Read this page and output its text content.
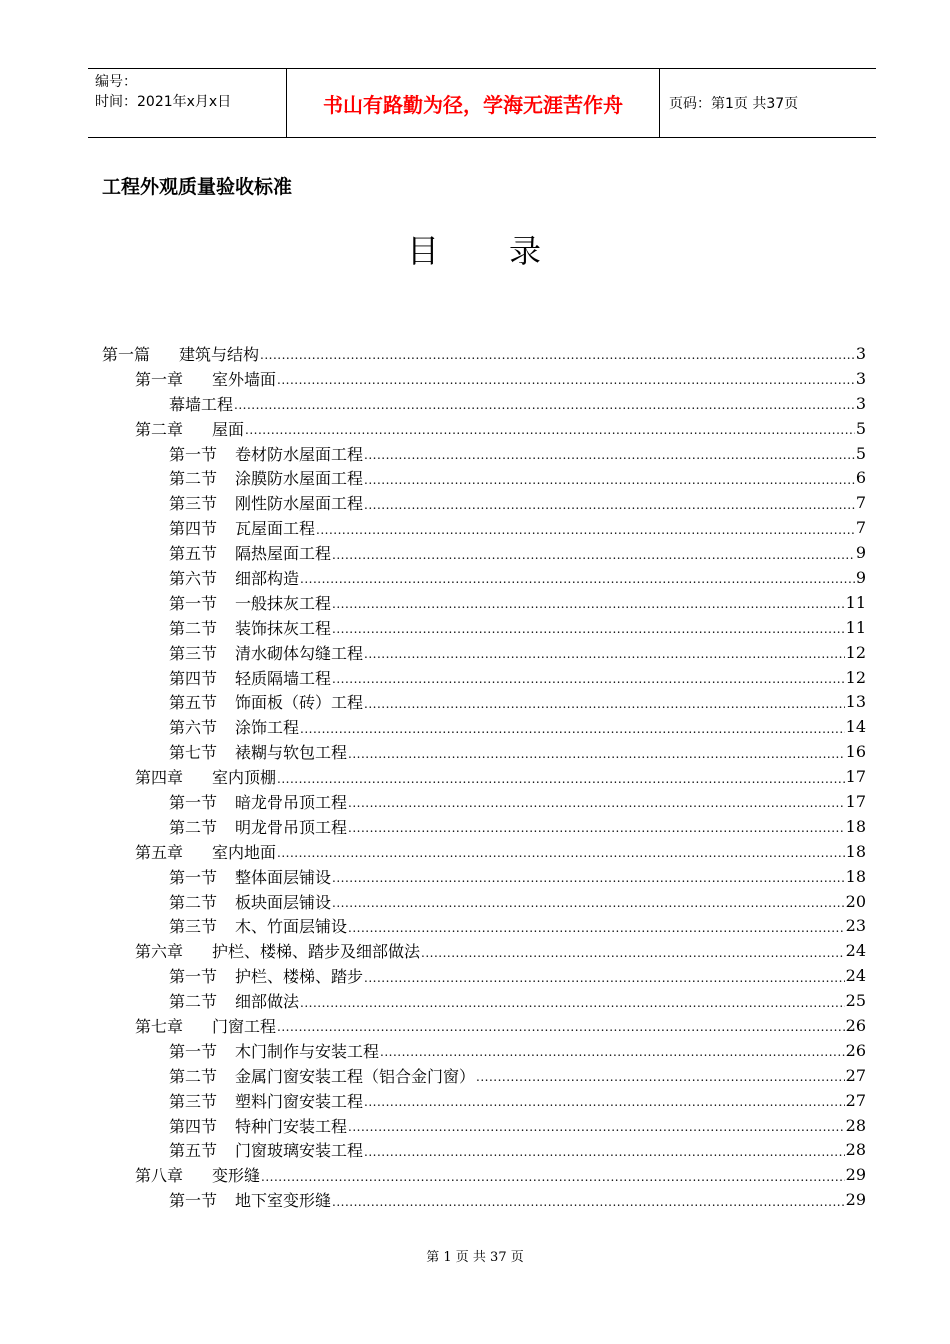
编号：
时间：2021年x月x日	书山有路勤为径，学海无涯苦作舟	页码：第1页 共37页
工程外观质量验收标准
目　　录
第一篇 建筑与结构 .....	3
第一章 室外墙面 .....	3
幕墙工程 .....	3
第二章 屋面 .....	5
第一节 卷材防水屋面工程 .....	5
第二节 涂膜防水屋面工程 .....	6
第三节 刚性防水屋面工程 .....	7
第四节 瓦屋面工程 .....	7
第五节 隔热屋面工程 .....	9
第六节 细部构造 .....	9
第一节 一般抹灰工程 .....	11
第二节 装饰抹灰工程 .....	11
第三节 清水砌体勾缝工程 .....	12
第四节 轻质隔墙工程 .....	12
第五节 饰面板（砖）工程 .....	13
第六节 涂饰工程 .....	14
第七节 裱糊与软包工程 .....	16
第四章 室内顶棚 .....	17
第一节 暗龙骨吊顶工程 .....	17
第二节 明龙骨吊顶工程 .....	18
第五章 室内地面 .....	18
第一节 整体面层铺设 .....	18
第二节 板块面层铺设 .....	20
第三节 木、竹面层铺设 .....	23
第六章 护栏、楼梯、踏步及细部做法 .....	24
第一节 护栏、楼梯、踏步 .....	24
第二节 细部做法 .....	25
第七章 门窗工程 .....	26
第一节 木门制作与安装工程 .....	26
第二节 金属门窗安装工程（铝合金门窗） .....	27
第三节 塑料门窗安装工程 .....	27
第四节 特种门安装工程 .....	28
第五节 门窗玻璃安装工程 .....	28
第八章 变形缝 .....	29
第一节 地下室变形缝 .....	29
第 1 页 共 37 页
